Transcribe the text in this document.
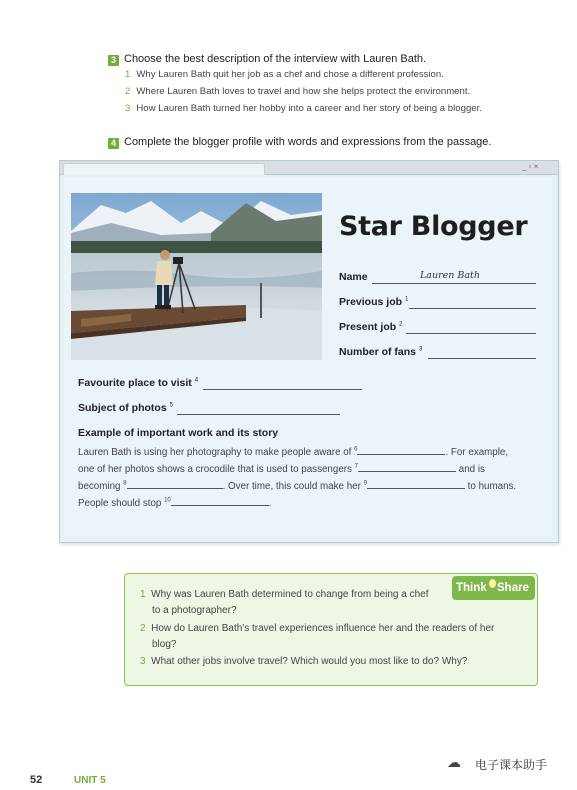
3 Choose the best description of the interview with Lauren Bath.
1 Why Lauren Bath quit her job as a chef and chose a different profession.
2 Where Lauren Bath loves to travel and how she helps protect the environment.
3 How Lauren Bath turned her hobby into a career and her story of being a blogger.
4 Complete the blogger profile with words and expressions from the passage.
_ ▫ ×
Star Blogger
Name	Lauren Bath
Previous job $^1$
Present job $^2$
Number of fans $^3$
Favourite place to visit $^4$
Subject of photos $^5$
Example of important work and its story
Lauren Bath is using her photography to make people aware of $^6$	. For example,
one of her photos shows a crocodile that is used to passengers $^7$	and is
becoming $^8$	. Over time, this could make her $^9$	to humans.
People should stop $^{10}$	.
Think Share
1 Why was Lauren Bath determined to change from being a chef
to a photographer?
2 How do Lauren Bath's travel experiences influence her and the readers of her
blog?
3 What other jobs involve travel? Which would you most like to do? Why?
52	UNIT 5
☁ 电子课本助手
